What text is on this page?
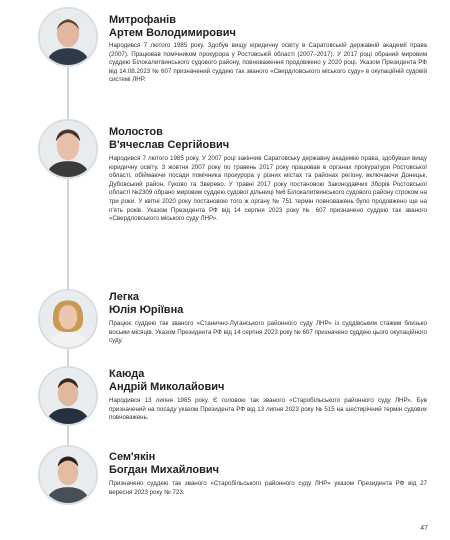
Митрофанів
Артем Володимирович
Народився 7 лютого 1985 року. Здобув вищу юридичну освіту в Саратовській державній академії права (2007). Працював помічником прокурора у Ростовській області (2007–2017). У 2017 році обраний мировим суддею Білокалитвинського судового району, повноваження продовжено у 2020 році. Указом Президента РФ від 14.08.2023 № 607 призначений суддею так званого «Свердловського міського суду» в окупаційній судовій системі ЛНР.
Молостов
В'ячеслав Сергійович
Народився 7 лютого 1985 року. У 2007 році закінчив Саратовську державну академію права, здобувши вищу юридичну освіту. З жовтня 2007 року по травень 2017 року працював в органах прокуратури Ростовської області, обіймаючи посади помічника прокурора у різних містах та районах регіону, включаючи Донецьк, Дубовський район, Гуково та Зверево. У травні 2017 року постановою Законодавчих Зборів Ростовської області №2309 обрано мировим суддею судової дільниці №6 Білокалитвинського судового району строком на три роки. У квітні 2020 року постановою того ж органу № 751 термін повноважень було продовжено ще на п'ять років. Указом Президента РФ від 14 серпня 2023 року № 607 призначено суддею так званого «Свердловського міського суду ЛНР».
Легка
Юлія Юріївна
Працює суддею так званого «Станично-Луганського районного суду ЛНР» із суддівським стажем близько восьми місяців. Указом Президента РФ від 14 серпня 2023 року № 607 призначено суддею цього окупаційного суду.
Каюда
Андрій Миколайович
Народився 13 липня 1985 року. Є головою так званого «Старобільського районного суду ЛНР». Був призначений на посаду указом Президента РФ від 13 липня 2023 року № 515 на шестирічний термін судових повноважень.
Сем'якін
Богдан Михайлович
Призначено суддею так званого «Старобільського районного суду ЛНР» указом Президента РФ від 27 вересня 2023 року № 723.
47
